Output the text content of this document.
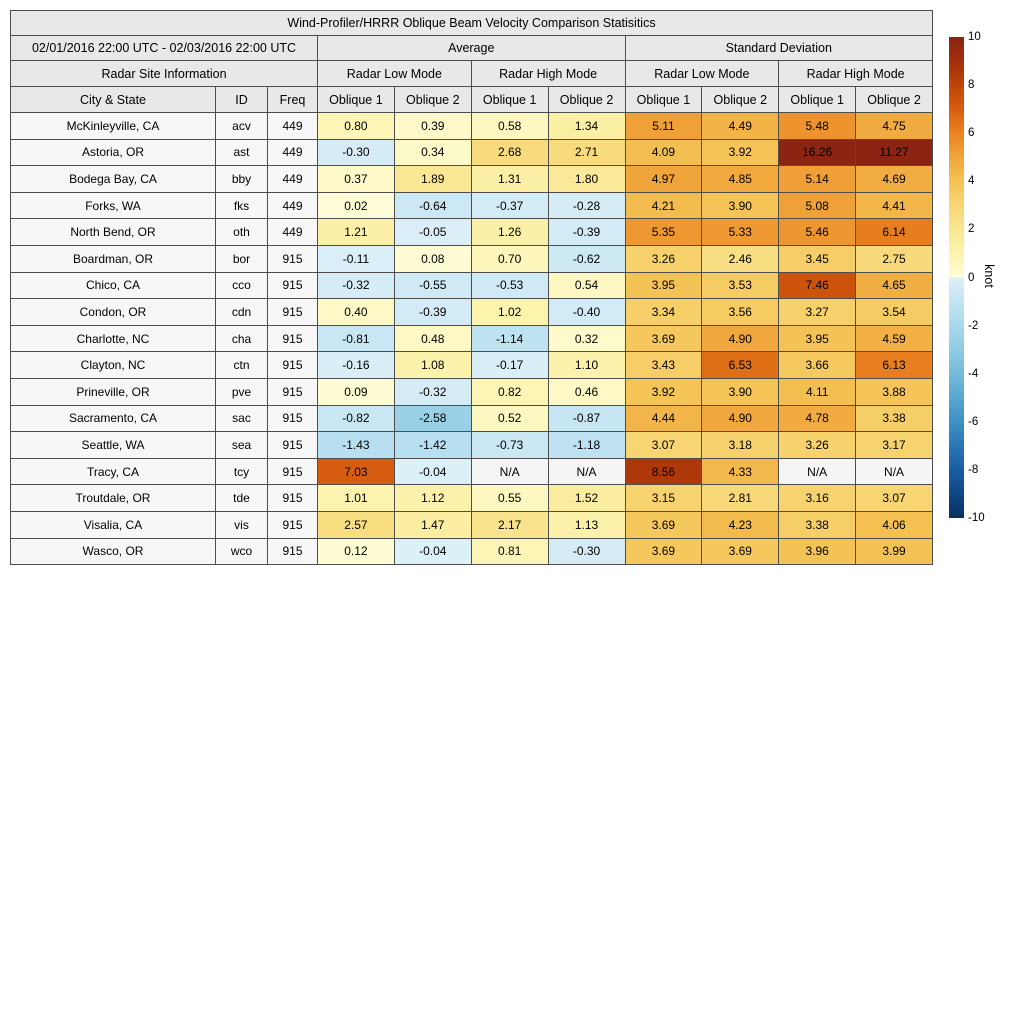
Wind-Profiler/HRRR Oblique Beam Velocity Comparison Statisitics										
02/01/2016 22:00 UTC - 02/03/2016 22:00 UTC			Average				Standard Deviation			
Radar Site Information			Radar Low Mode		Radar High Mode		Radar Low Mode		Radar High Mode	
City & State	ID	Freq	Oblique 1	Oblique 2	Oblique 1	Oblique 2	Oblique 1	Oblique 2	Oblique 1	Oblique 2
McKinleyville, CA	acv	449	0.80	0.39	0.58	1.34	5.11	4.49	5.48	4.75
Astoria, OR	ast	449	-0.30	0.34	2.68	2.71	4.09	3.92	16.26	11.27
Bodega Bay, CA	bby	449	0.37	1.89	1.31	1.80	4.97	4.85	5.14	4.69
Forks, WA	fks	449	0.02	-0.64	-0.37	-0.28	4.21	3.90	5.08	4.41
North Bend, OR	oth	449	1.21	-0.05	1.26	-0.39	5.35	5.33	5.46	6.14
Boardman, OR	bor	915	-0.11	0.08	0.70	-0.62	3.26	2.46	3.45	2.75
Chico, CA	cco	915	-0.32	-0.55	-0.53	0.54	3.95	3.53	7.46	4.65
Condon, OR	cdn	915	0.40	-0.39	1.02	-0.40	3.34	3.56	3.27	3.54
Charlotte, NC	cha	915	-0.81	0.48	-1.14	0.32	3.69	4.90	3.95	4.59
Clayton, NC	ctn	915	-0.16	1.08	-0.17	1.10	3.43	6.53	3.66	6.13
Prineville, OR	pve	915	0.09	-0.32	0.82	0.46	3.92	3.90	4.11	3.88
Sacramento, CA	sac	915	-0.82	-2.58	0.52	-0.87	4.44	4.90	4.78	3.38
Seattle, WA	sea	915	-1.43	-1.42	-0.73	-1.18	3.07	3.18	3.26	3.17
Tracy, CA	tcy	915	7.03	-0.04	N/A	N/A	8.56	4.33	N/A	N/A
Troutdale, OR	tde	915	1.01	1.12	0.55	1.52	3.15	2.81	3.16	3.07
Visalia, CA	vis	915	2.57	1.47	2.17	1.13	3.69	4.23	3.38	4.06
Wasco, OR	wco	915	0.12	-0.04	0.81	-0.30	3.69	3.69	3.96	3.99
10
8
6
4
2
0
-2
-4
-6
-8
-10
knot
